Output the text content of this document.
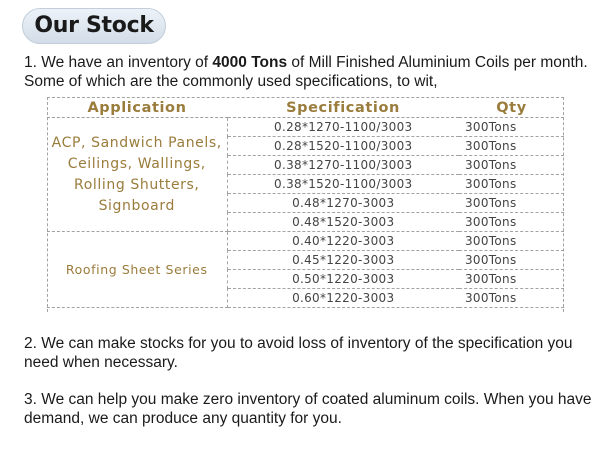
Our Stock
1. We have an inventory of 4000 Tons of Mill Finished Aluminium Coils per month. Some of which are the commonly used specifications, to wit,
Application	Specification	Qty
ACP, Sandwich Panels, Ceilings, Wallings, Rolling Shutters, Signboard	0.28*1270-1100/3003	300Tons
	0.28*1520-1100/3003	300Tons
	0.38*1270-1100/3003	300Tons
	0.38*1520-1100/3003	300Tons
	0.48*1270-3003	300Tons
	0.48*1520-3003	300Tons
Roofing Sheet Series	0.40*1220-3003	300Tons
	0.45*1220-3003	300Tons
	0.50*1220-3003	300Tons
	0.60*1220-3003	300Tons
2. We can make stocks for you to avoid loss of inventory of the specification you need when necessary.
3. We can help you make zero inventory of coated aluminum coils. When you have demand, we can produce any quantity for you.
